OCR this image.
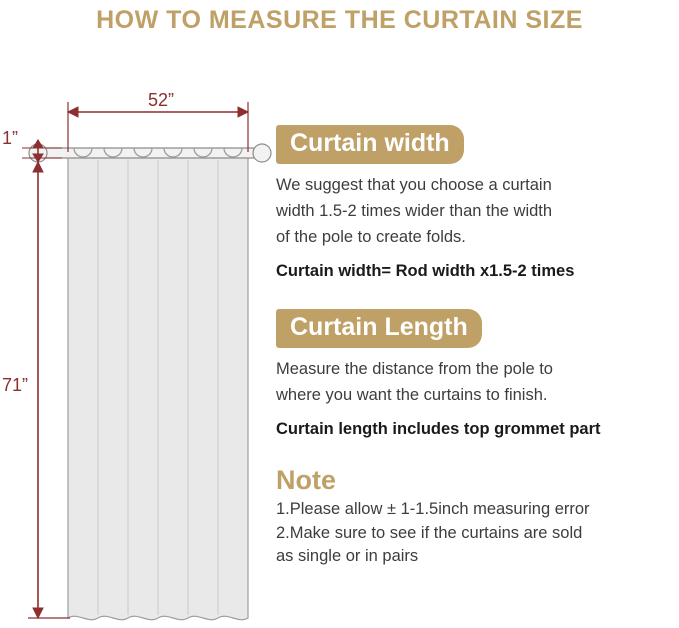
HOW TO MEASURE THE CURTAIN SIZE
52”
1”
71”
Curtain width

We suggest that you choose a curtain

width 1.5-2 times wider than the width

of the pole to create folds.

Curtain width= Rod width x1.5-2 times

Curtain Length

Measure the distance from the pole to

where you want the curtains to finish.

Curtain length includes top grommet part

Note

1.Please allow ± 1-1.5inch measuring error

2.Make sure to see if the curtains are sold

as single or in pairs
